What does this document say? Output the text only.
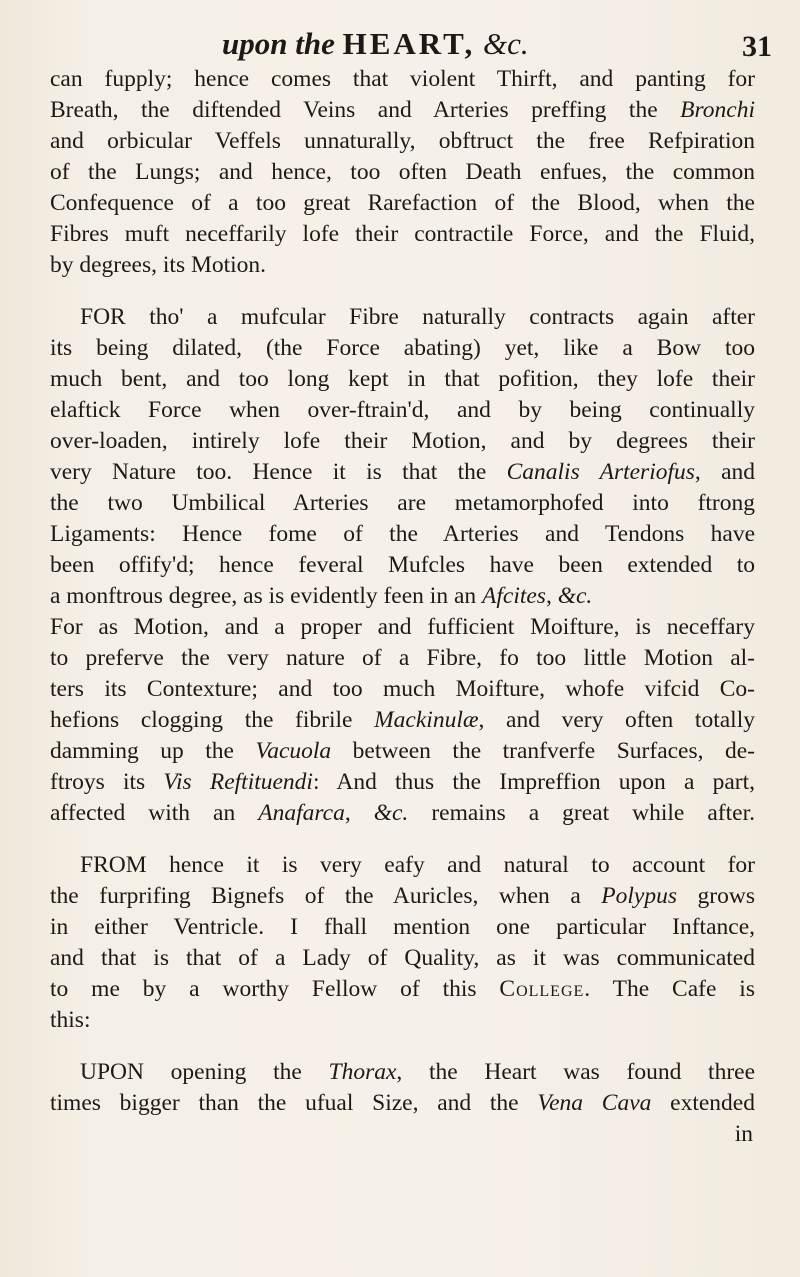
upon the HEART, &c.	31
can fupply; hence comes that violent Thirft, and panting for
Breath, the diftended Veins and Arteries preffing the Bronchi
and orbicular Veffels unnaturally, obftruct the free Refpiration
of the Lungs; and hence, too often Death enfues, the common
Confequence of a too great Rarefaction of the Blood, when the
Fibres muft neceffarily lofe their contractile Force, and the Fluid,
by degrees, its Motion.
FOR tho' a mufcular Fibre naturally contracts again after
its being dilated, (the Force abating) yet, like a Bow too
much bent, and too long kept in that pofition, they lofe their
elaftick Force when over-ftrain'd, and by being continually
over-loaden, intirely lofe their Motion, and by degrees their
very Nature too. Hence it is that the Canalis Arteriofus, and
the two Umbilical Arteries are metamorphofed into ftrong
Ligaments: Hence fome of the Arteries and Tendons have
been offify'd; hence feveral Mufcles have been extended to
a monftrous degree, as is evidently feen in an Afcites, &c.
For as Motion, and a proper and fufficient Moifture, is neceffary
to preferve the very nature of a Fibre, fo too little Motion al-
ters its Contexture; and too much Moifture, whofe vifcid Co-
hefions clogging the fibrile Mackinulæ, and very often totally
damming up the Vacuola between the tranfverfe Surfaces, de-
ftroys its Vis Reftituendi: And thus the Impreffion upon a part,
affected with an Anafarca, &c. remains a great while after.
FROM hence it is very eafy and natural to account for
the furprifing Bignefs of the Auricles, when a Polypus grows
in either Ventricle. I fhall mention one particular Inftance,
and that is that of a Lady of Quality, as it was communicated
to me by a worthy Fellow of this College. The Cafe is
this:
UPON opening the Thorax, the Heart was found three
times bigger than the ufual Size, and the Vena Cava extended
in
